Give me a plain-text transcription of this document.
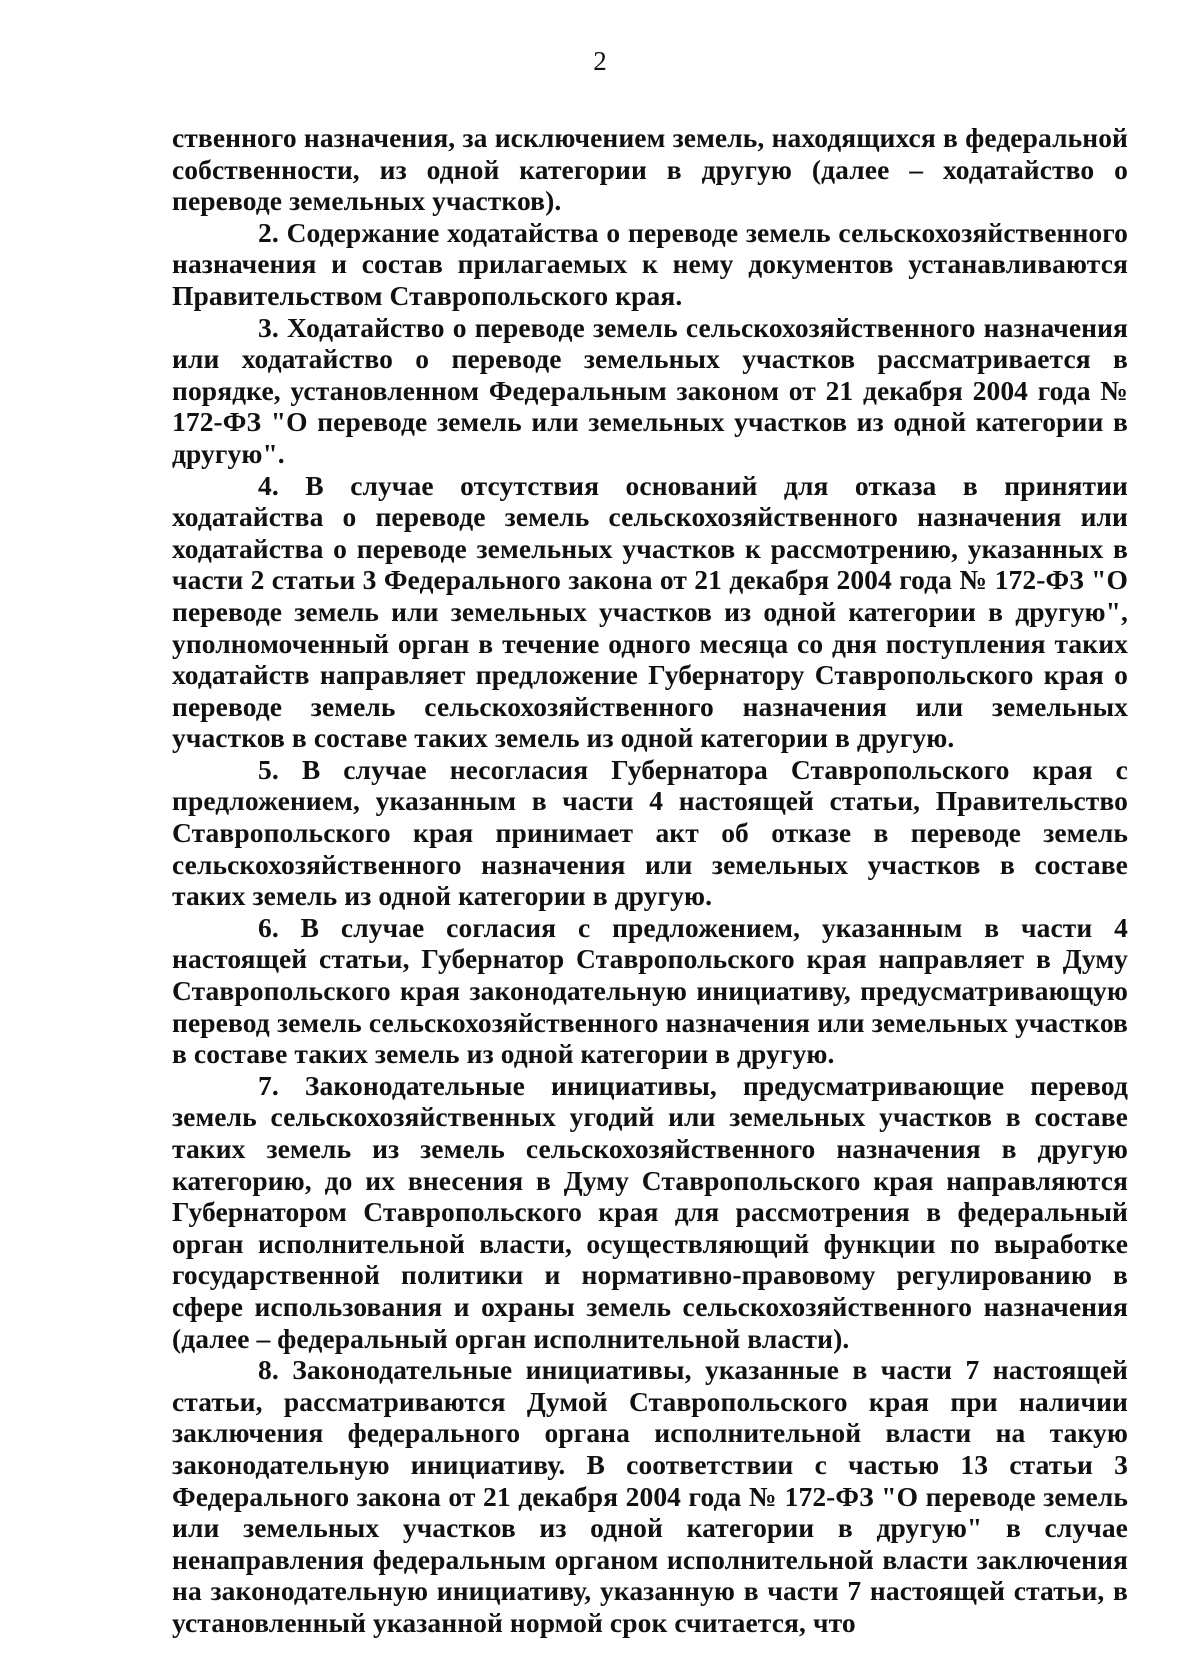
2

ственного назначения, за исключением земель, находящихся в федеральной собственности, из одной категории в другую (далее – ходатайство о переводе земельных участков).

2. Содержание ходатайства о переводе земель сельскохозяйственного назначения и состав прилагаемых к нему документов устанавливаются Правительством Ставропольского края.

3. Ходатайство о переводе земель сельскохозяйственного назначения или ходатайство о переводе земельных участков рассматривается в порядке, установленном Федеральным законом от 21 декабря 2004 года № 172-ФЗ "О переводе земель или земельных участков из одной категории в другую".

4. В случае отсутствия оснований для отказа в принятии ходатайства о переводе земель сельскохозяйственного назначения или ходатайства о переводе земельных участков к рассмотрению, указанных в части 2 статьи 3 Федерального закона от 21 декабря 2004 года № 172-ФЗ "О переводе земель или земельных участков из одной категории в другую", уполномоченный орган в течение одного месяца со дня поступления таких ходатайств направляет предложение Губернатору Ставропольского края о переводе земель сельскохозяйственного назначения или земельных участков в составе таких земель из одной категории в другую.

5. В случае несогласия Губернатора Ставропольского края с предложением, указанным в части 4 настоящей статьи, Правительство Ставропольского края принимает акт об отказе в переводе земель сельскохозяйственного назначения или земельных участков в составе таких земель из одной категории в другую.

6. В случае согласия с предложением, указанным в части 4 настоящей статьи, Губернатор Ставропольского края направляет в Думу Ставропольского края законодательную инициативу, предусматривающую перевод земель сельскохозяйственного назначения или земельных участков в составе таких земель из одной категории в другую.

7. Законодательные инициативы, предусматривающие перевод земель сельскохозяйственных угодий или земельных участков в составе таких земель из земель сельскохозяйственного назначения в другую категорию, до их внесения в Думу Ставропольского края направляются Губернатором Ставропольского края для рассмотрения в федеральный орган исполнительной власти, осуществляющий функции по выработке государственной политики и нормативно-правовому регулированию в сфере использования и охраны земель сельскохозяйственного назначения (далее – федеральный орган исполнительной власти).

8. Законодательные инициативы, указанные в части 7 настоящей статьи, рассматриваются Думой Ставропольского края при наличии заключения федерального органа исполнительной власти на такую законодательную инициативу. В соответствии с частью 13 статьи 3 Федерального закона от 21 декабря 2004 года № 172-ФЗ "О переводе земель или земельных участков из одной категории в другую" в случае ненаправления федеральным органом исполнительной власти заключения на законодательную инициативу, указанную в части 7 настоящей статьи, в установленный указанной нормой срок считается, что
